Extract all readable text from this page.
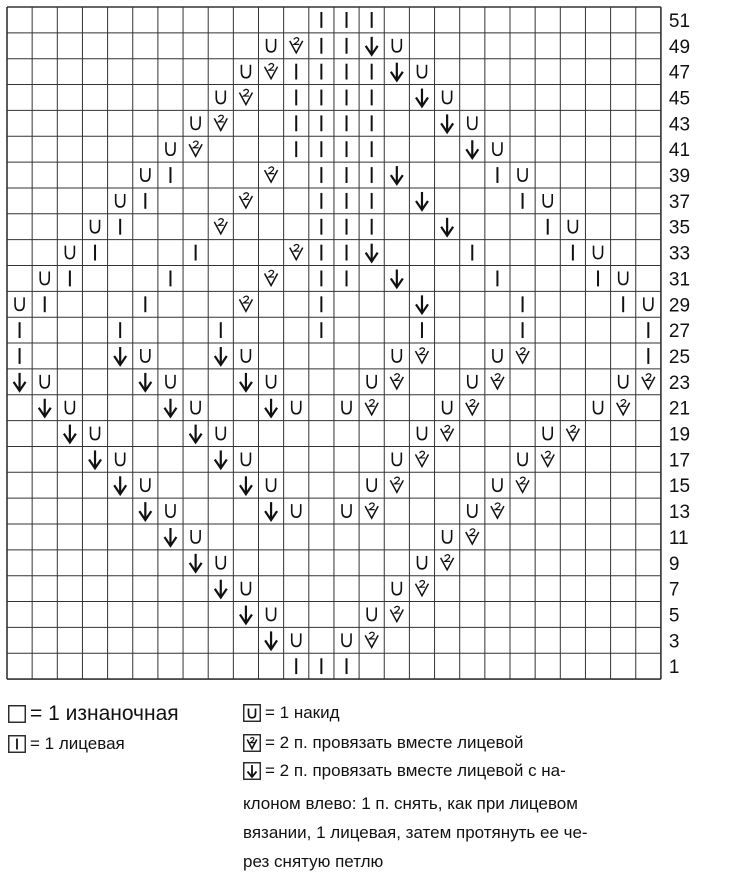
51
49
47
45
43
41
39
37
35
33
31
29
27
25
23
21
19
17
15
13
11
9
7
5
3
1
= 1 изнаночная
= 1 лицевая
= 1 накид
= 2 п. провязать вместе лицевой
= 2 п. провязать вместе лицевой с на-
клоном влево: 1 п. снять, как при лицевом
вязании, 1 лицевая, затем протянуть ее че-
рез снятую петлю
